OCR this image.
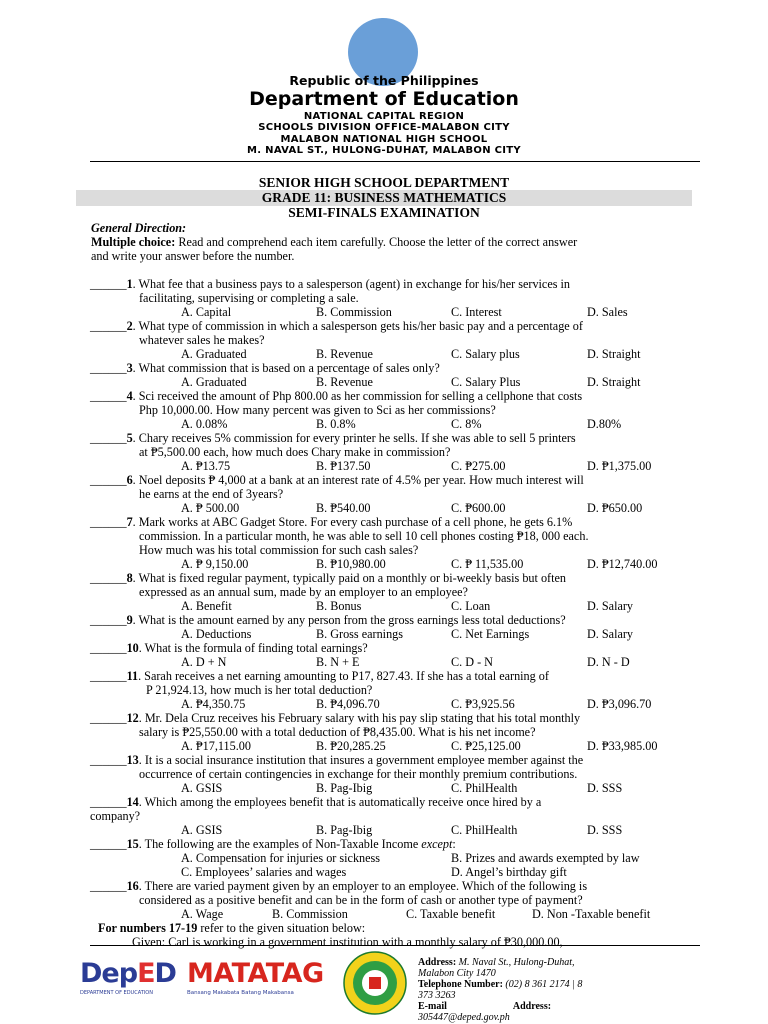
Republic of the Philippines
Department of Education
NATIONAL CAPITAL REGION
SCHOOLS DIVISION OFFICE-MALABON CITY
MALABON NATIONAL HIGH SCHOOL
M. NAVAL ST., HULONG-DUHAT, MALABON CITY
SENIOR HIGH SCHOOL DEPARTMENT
GRADE 11: BUSINESS MATHEMATICS
SEMI-FINALS EXAMINATION
General Direction:
Multiple choice: Read and comprehend each item carefully. Choose the letter of the correct answer
and write your answer before the number.
______1. What fee that a business pays to a salesperson (agent) in exchange for his/her services in
facilitating, supervising or completing a sale.
A. Capital	B. Commission	C. Interest	D. Sales
______2. What type of commission in which a salesperson gets his/her basic pay and a percentage of
whatever sales he makes?
A. Graduated	B. Revenue	C. Salary plus	D. Straight
______3. What commission that is based on a percentage of sales only?
A. Graduated	B. Revenue	C. Salary Plus	D. Straight
______4. Sci received the amount of Php 800.00 as her commission for selling a cellphone that costs
Php 10,000.00. How many percent was given to Sci as her commissions?
A. 0.08%	B. 0.8%	C. 8%	D.80%
______5. Chary receives 5% commission for every printer he sells. If she was able to sell 5 printers
at ₱5,500.00 each, how much does Chary make in commission?
A. ₱13.75	B. ₱137.50	C. ₱275.00	D. ₱1,375.00
______6. Noel deposits ₱ 4,000 at a bank at an interest rate of 4.5% per year. How much interest will
he earns at the end of 3years?
A. ₱ 500.00	B. ₱540.00	C. ₱600.00	D. ₱650.00
______7. Mark works at ABC Gadget Store. For every cash purchase of a cell phone, he gets 6.1%
commission. In a particular month, he was able to sell 10 cell phones costing ₱18, 000 each.
How much was his total commission for such cash sales?
A. ₱ 9,150.00	B. ₱10,980.00	C. ₱ 11,535.00	D. ₱12,740.00
______8. What is fixed regular payment, typically paid on a monthly or bi-weekly basis but often
expressed as an annual sum, made by an employer to an employee?
A. Benefit	B. Bonus	C. Loan	D. Salary
______9. What is the amount earned by any person from the gross earnings less total deductions?
A. Deductions	B. Gross earnings	C. Net Earnings	D. Salary
______10. What is the formula of finding total earnings?
A. D + N	B. N + E	C. D - N	D. N - D
______11. Sarah receives a net earning amounting to P17, 827.43. If she has a total earning of
P 21,924.13, how much is her total deduction?
A. ₱4,350.75	B. ₱4,096.70	C. ₱3,925.56	D. ₱3,096.70
______12. Mr. Dela Cruz receives his February salary with his pay slip stating that his total monthly
salary is ₱25,550.00 with a total deduction of ₱8,435.00. What is his net income?
A. ₱17,115.00	B. ₱20,285.25	C. ₱25,125.00	D. ₱33,985.00
______13. It is a social insurance institution that insures a government employee member against the
occurrence of certain contingencies in exchange for their monthly premium contributions.
A. GSIS	B. Pag-Ibig	C. PhilHealth	D. SSS
______14. Which among the employees benefit that is automatically receive once hired by a
company?
A. GSIS	B. Pag-Ibig	C. PhilHealth	D. SSS
______15. The following are the examples of Non-Taxable Income except:
A. Compensation for injuries or sickness	B. Prizes and awards exempted by law
C. Employees’ salaries and wages	D. Angel’s birthday gift
______16. There are varied payment given by an employer to an employee. Which of the following is
considered as a positive benefit and can be in the form of cash or another type of payment?
A. Wage	B. Commission	C. Taxable benefit	D. Non -Taxable benefit
For numbers 17-19 refer to the given situation below:
Given: Carl is working in a government institution with a monthly salary of ₱30,000.00,
DepED
DEPARTMENT OF EDUCATION
MATATAG
Bansang Makabata Batang Makabansa
Address: M. Naval St., Hulong-Duhat, Malabon City 1470
Telephone Number: (02) 8 361 2174 | 8 373 3263
E-mail	Address:
305447@deped.gov.ph
